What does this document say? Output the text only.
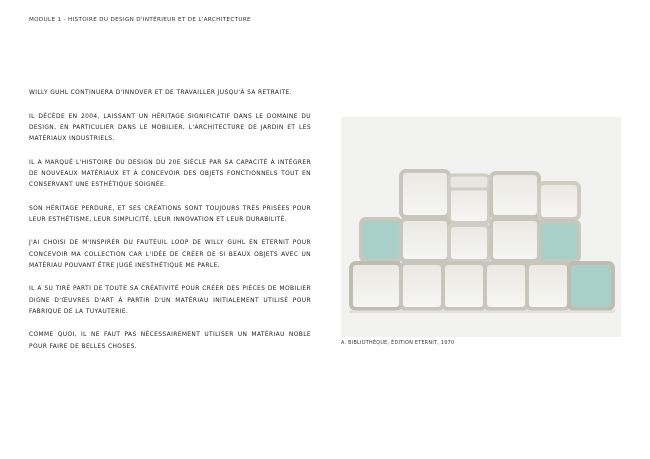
MODULE 1 - HISTOIRE DU DESIGN D'INTÉRIEUR ET DE L'ARCHITECTURE

WILLY GUHL CONTINUERA D'INNOVER ET DE TRAVAILLER JUSQU'À SA RETRAITE.

IL DÉCÈDE EN 2004, LAISSANT UN HÉRITAGE SIGNIFICATIF DANS LE DOMAINE DU DESIGN, EN PARTICULIER DANS LE MOBILIER, L'ARCHITECTURE DE JARDIN ET LES MATÉRIAUX INDUSTRIELS.

IL A MARQUÉ L'HISTOIRE DU DESIGN DU 20E SIÈCLE PAR SA CAPACITÉ À INTÉGRER DE NOUVEAUX MATÉRIAUX ET À CONCEVOIR DES OBJETS FONCTIONNELS TOUT EN CONSERVANT UNE ESTHÉTIQUE SOIGNÉE.

SON HÉRITAGE PERDURE, ET SES CRÉATIONS SONT TOUJOURS TRÈS PRISÉES POUR LEUR ESTHÉTISME, LEUR SIMPLICITÉ, LEUR INNOVATION ET LEUR DURABILITÉ.

J'AI CHOISI DE M'INSPIRER DU FAUTEUIL LOOP DE WILLY GUHL EN ETERNIT POUR CONCEVOIR MA COLLECTION CAR L'IDÉE DE CRÉER DE SI BEAUX OBJETS AVEC UN MATÉRIAU POUVANT ÊTRE JUGÉ INESTHÉTIQUE ME PARLE.

IL A SU TIRÉ PARTI DE TOUTE SA CRÉATIVITÉ POUR CRÉER DES PIÈCES DE MOBILIER DIGNE D'ŒUVRES D'ART À PARTIR D'UN MATÉRIAU INITIALEMENT UTILISÉ POUR FABRIQUE DE LA TUYAUTERIE.

COMME QUOI, IL NE FAUT PAS NÉCESSAIREMENT UTILISER UN MATÉRIAU NOBLE POUR FAIRE DE BELLES CHOSES.

A. BIBLIOTHÈQUE, ÉDITION ETERNIT, 1970
